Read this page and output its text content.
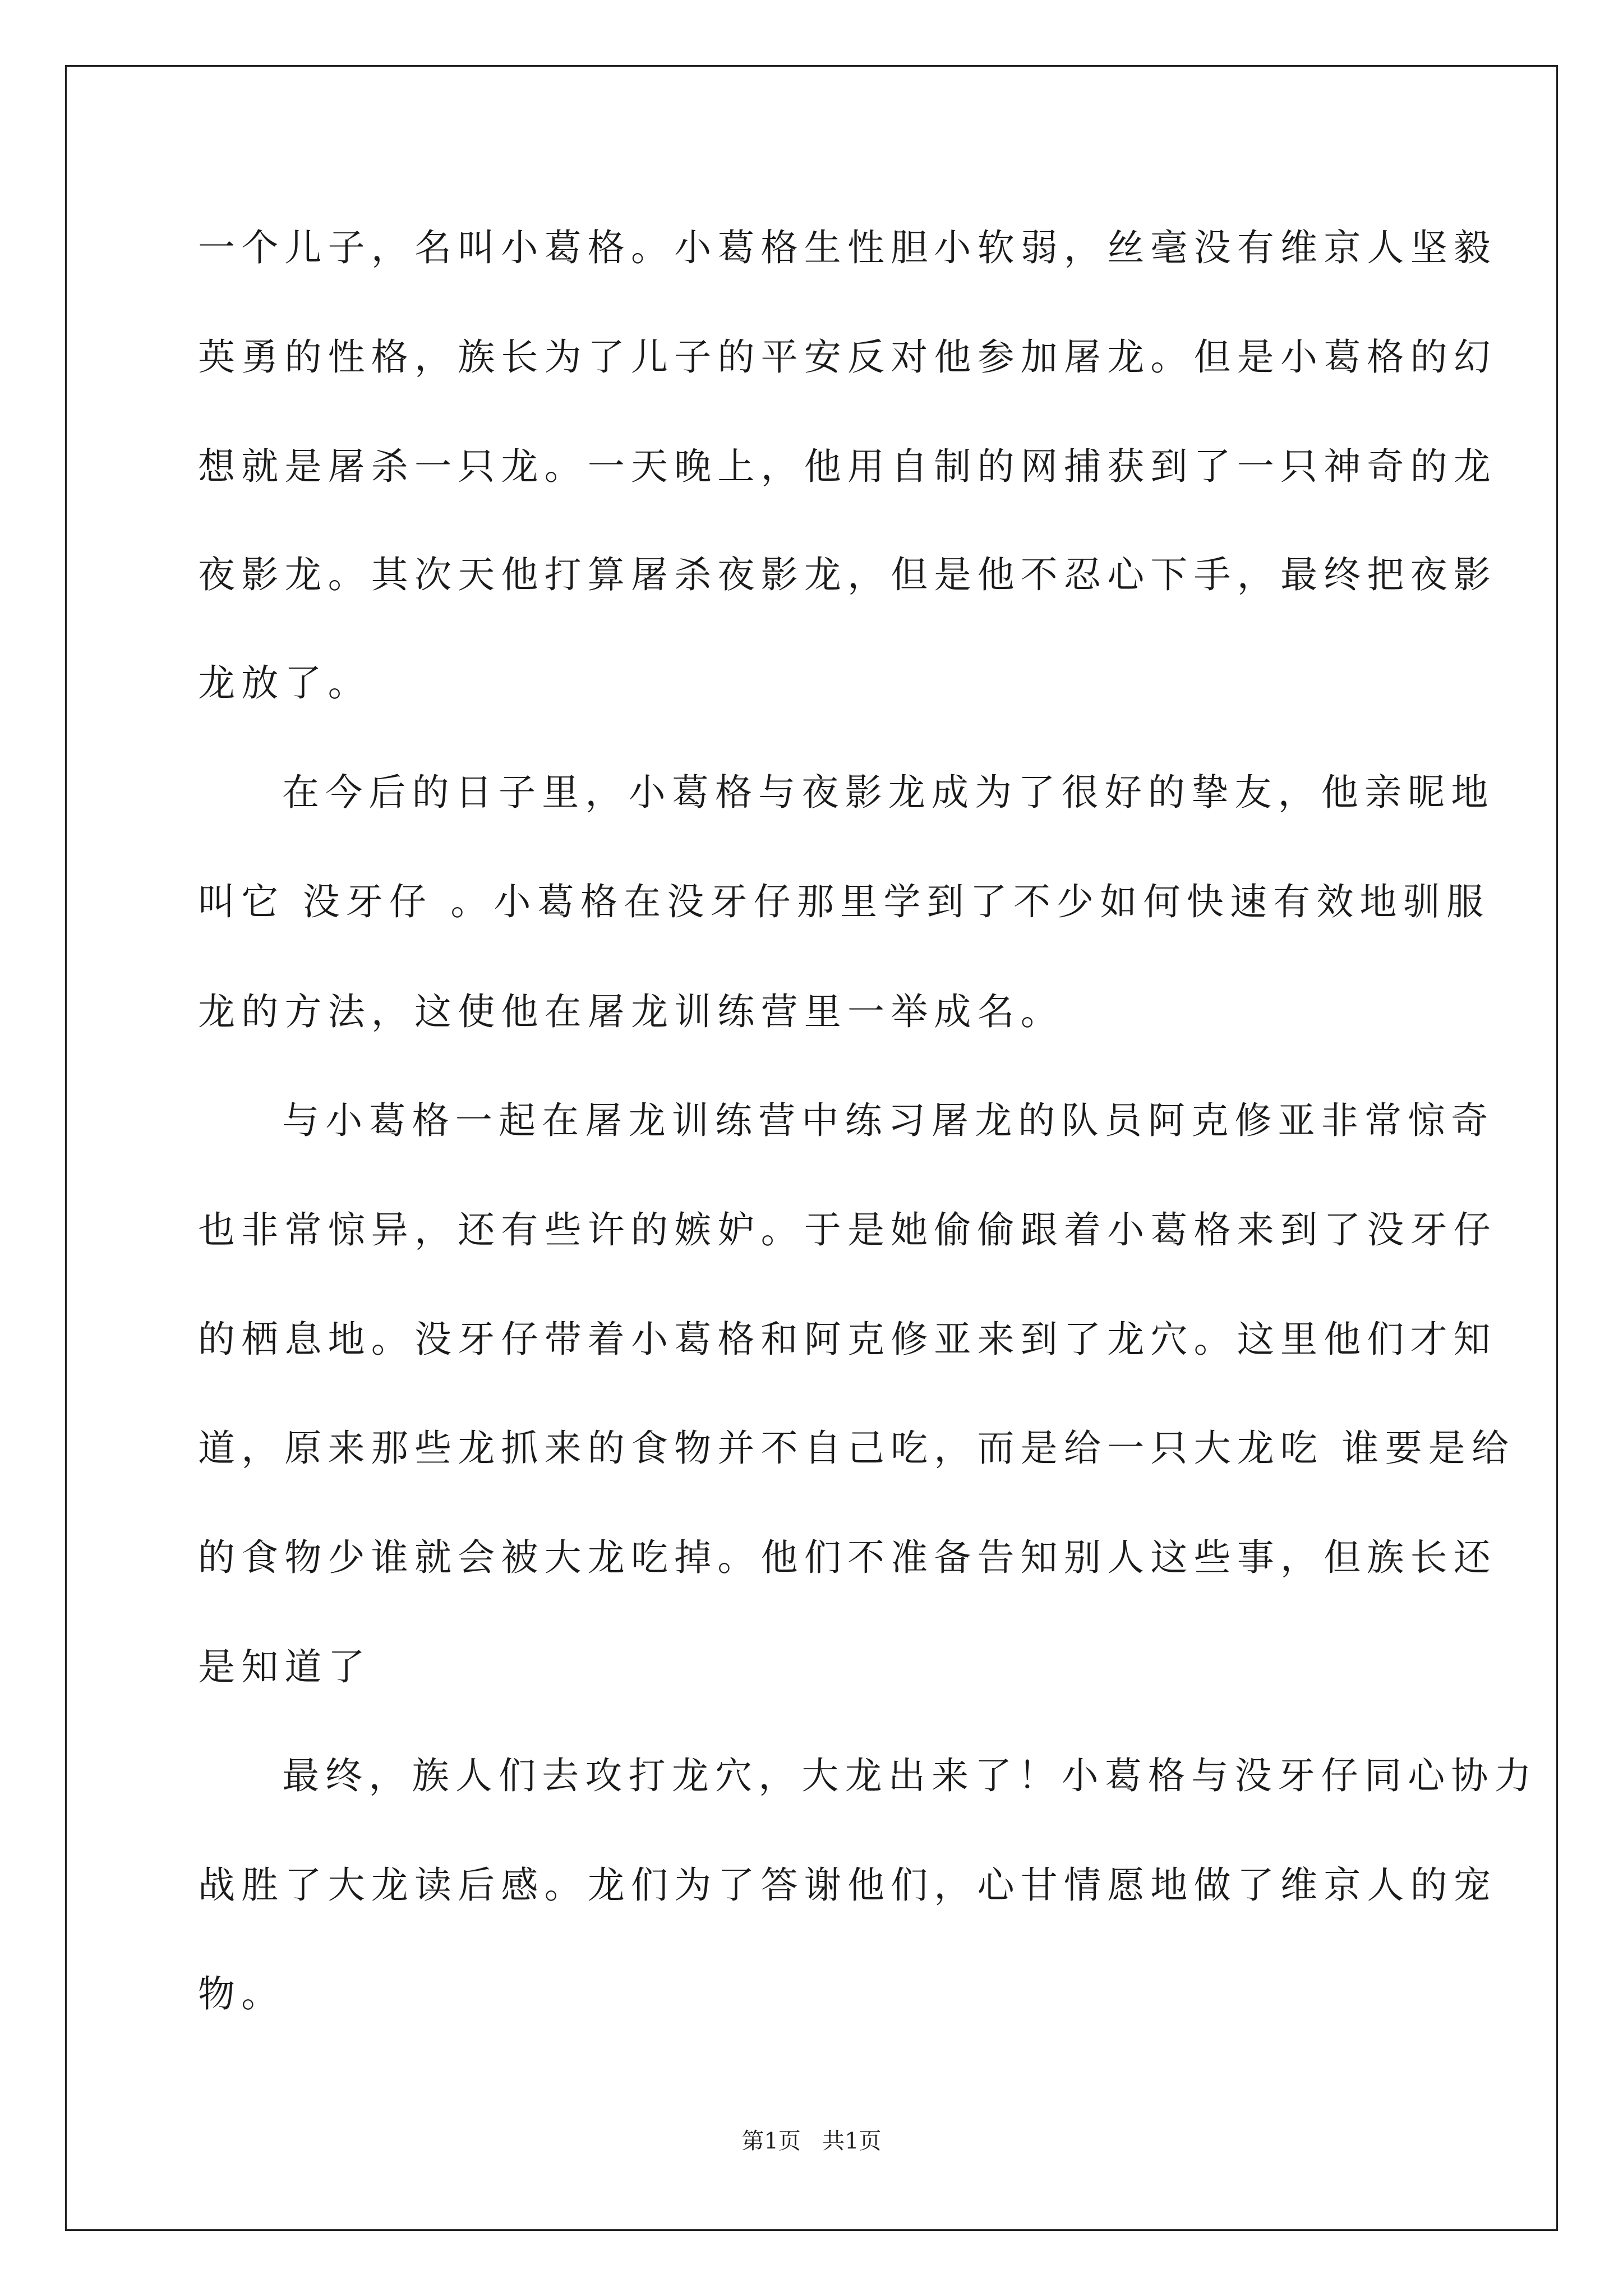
一个儿子，名叫小葛格。小葛格生性胆小软弱，丝毫没有维京人坚毅
英勇的性格，族长为了儿子的平安反对他参加屠龙。但是小葛格的幻
想就是屠杀一只龙。一天晚上，他用自制的网捕获到了一只神奇的龙
夜影龙。其次天他打算屠杀夜影龙，但是他不忍心下手，最终把夜影
龙放了。
在今后的日子里，小葛格与夜影龙成为了很好的挚友，他亲昵地
叫它 没牙仔 。小葛格在没牙仔那里学到了不少如何快速有效地驯服
龙的方法，这使他在屠龙训练营里一举成名。
与小葛格一起在屠龙训练营中练习屠龙的队员阿克修亚非常惊奇
也非常惊异，还有些许的嫉妒。于是她偷偷跟着小葛格来到了没牙仔
的栖息地。没牙仔带着小葛格和阿克修亚来到了龙穴。这里他们才知
道，原来那些龙抓来的食物并不自己吃，而是给一只大龙吃 谁要是给
的食物少谁就会被大龙吃掉。他们不准备告知别人这些事，但族长还
是知道了
最终，族人们去攻打龙穴，大龙出来了！小葛格与没牙仔同心协力
战胜了大龙读后感。龙们为了答谢他们，心甘情愿地做了维京人的宠
物。
第1页 共1页
